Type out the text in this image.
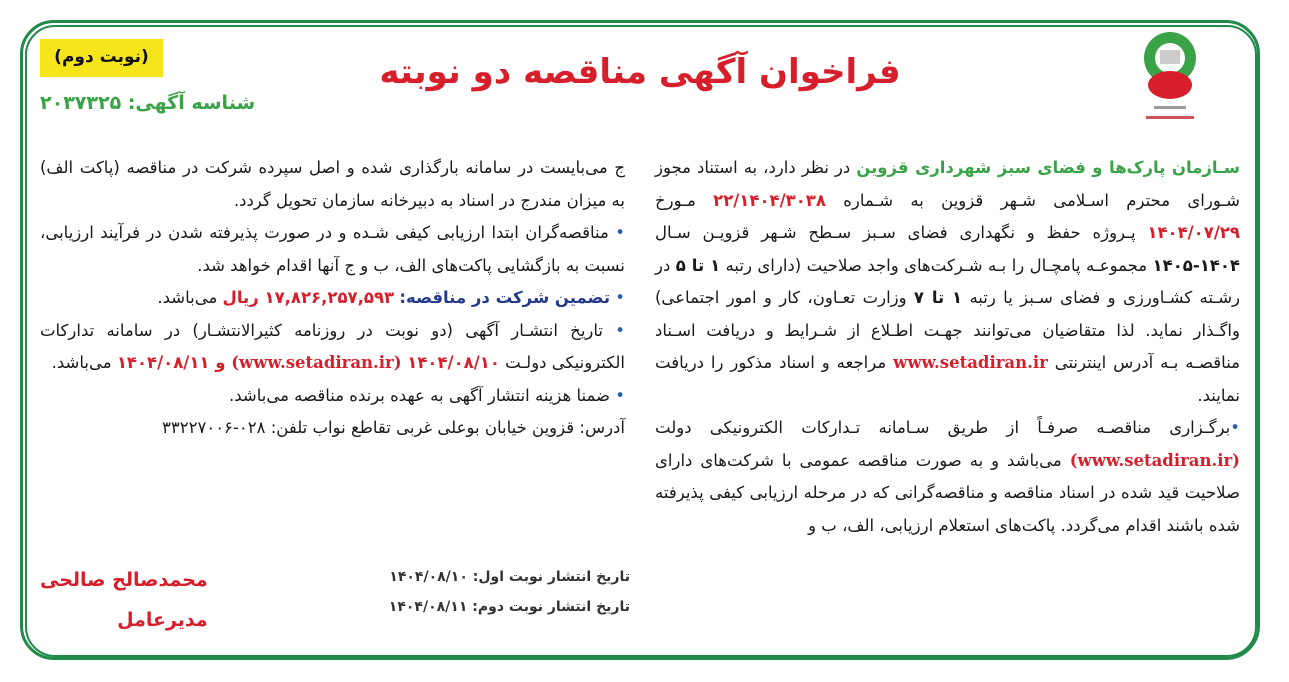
فراخوان آگهی مناقصه دو نوبته
(نوبت دوم)
شناسه آگهی: ۲۰۳۷۳۲۵

سـازمان پارک‌ها و فضای سبز شهرداری قزوین در نظر دارد، به استناد مجوز شـورای محترم اسـلامی شـهر قزوین به شـماره ۲۲/۱۴۰۴/۳۰۳۸ مـورخ ۱۴۰۴/۰۷/۲۹ پـروژه حفظ و نگهداری فضای سـبز سـطح شـهر قزویـن سـال ۱۴۰۴-۱۴۰۵ مجموعـه پامچـال را بـه شـرکت‌های واجد صلاحیت (دارای رتبه ۱ تا ۵ در رشـته کشـاورزی و فضای سـبز یا رتبه ۱ تا ۷ وزارت تعـاون، کار و امور اجتماعی) واگـذار نماید. لذا متقاضیان می‌توانند جهـت اطـلاع از شـرایط و دریافت اسـناد مناقصـه بـه آدرس اینترنتی www.setadiran.ir مراجعه و اسناد مذکور را دریافت نمایند.

•برگـزاری مناقصـه صرفـاً از طریق سـامانه تـدارکات الکترونیکی دولت (www.setadiran.ir) می‌باشد و به صورت مناقصه عمومی با شرکت‌های دارای صلاحیت قید شده در اسناد مناقصه و مناقصه‌گرانی که در مرحله ارزیابی کیفی پذیرفته شده باشند اقدام می‌گردد. پاکت‌های استعلام ارزیابی، الف، ب و

ج می‌بایست در سامانه بارگذاری شده و اصل سپرده شرکت در مناقصه (پاکت الف) به میزان مندرج در اسناد به دبیرخانه سازمان تحویل گردد.

• مناقصه‌گران ابتدا ارزیابی کیفی شـده و در صورت پذیرفته شدن در فرآیند ارزیابی، نسبت به بازگشایی پاکت‌های الف، ب و ج آنها اقدام خواهد شد.

• تضمین شرکت در مناقصه: ۱۷,۸۲۶,۲۵۷,۵۹۳ ریال می‌باشد.

• تاریخ انتشـار آگهی (دو نوبت در روزنامه کثیرالانتشـار) در سامانه تدارکات الکترونیکی دولـت (www.setadiran.ir) ۱۴۰۴/۰۸/۱۰ و ۱۴۰۴/۰۸/۱۱ می‌باشد.

• ضمنا هزینه انتشار آگهی به عهده برنده مناقصه می‌باشد.

آدرس: قزوین خیابان بوعلی غربی تقاطع نواب تلفن: ۰۲۸-۳۳۲۲۷۰۰۶

تاریخ انتشار نوبت اول: ۱۴۰۴/۰۸/۱۰
تاریخ انتشار نوبت دوم: ۱۴۰۴/۰۸/۱۱
محمدصالح صالحی
مدیرعامل
